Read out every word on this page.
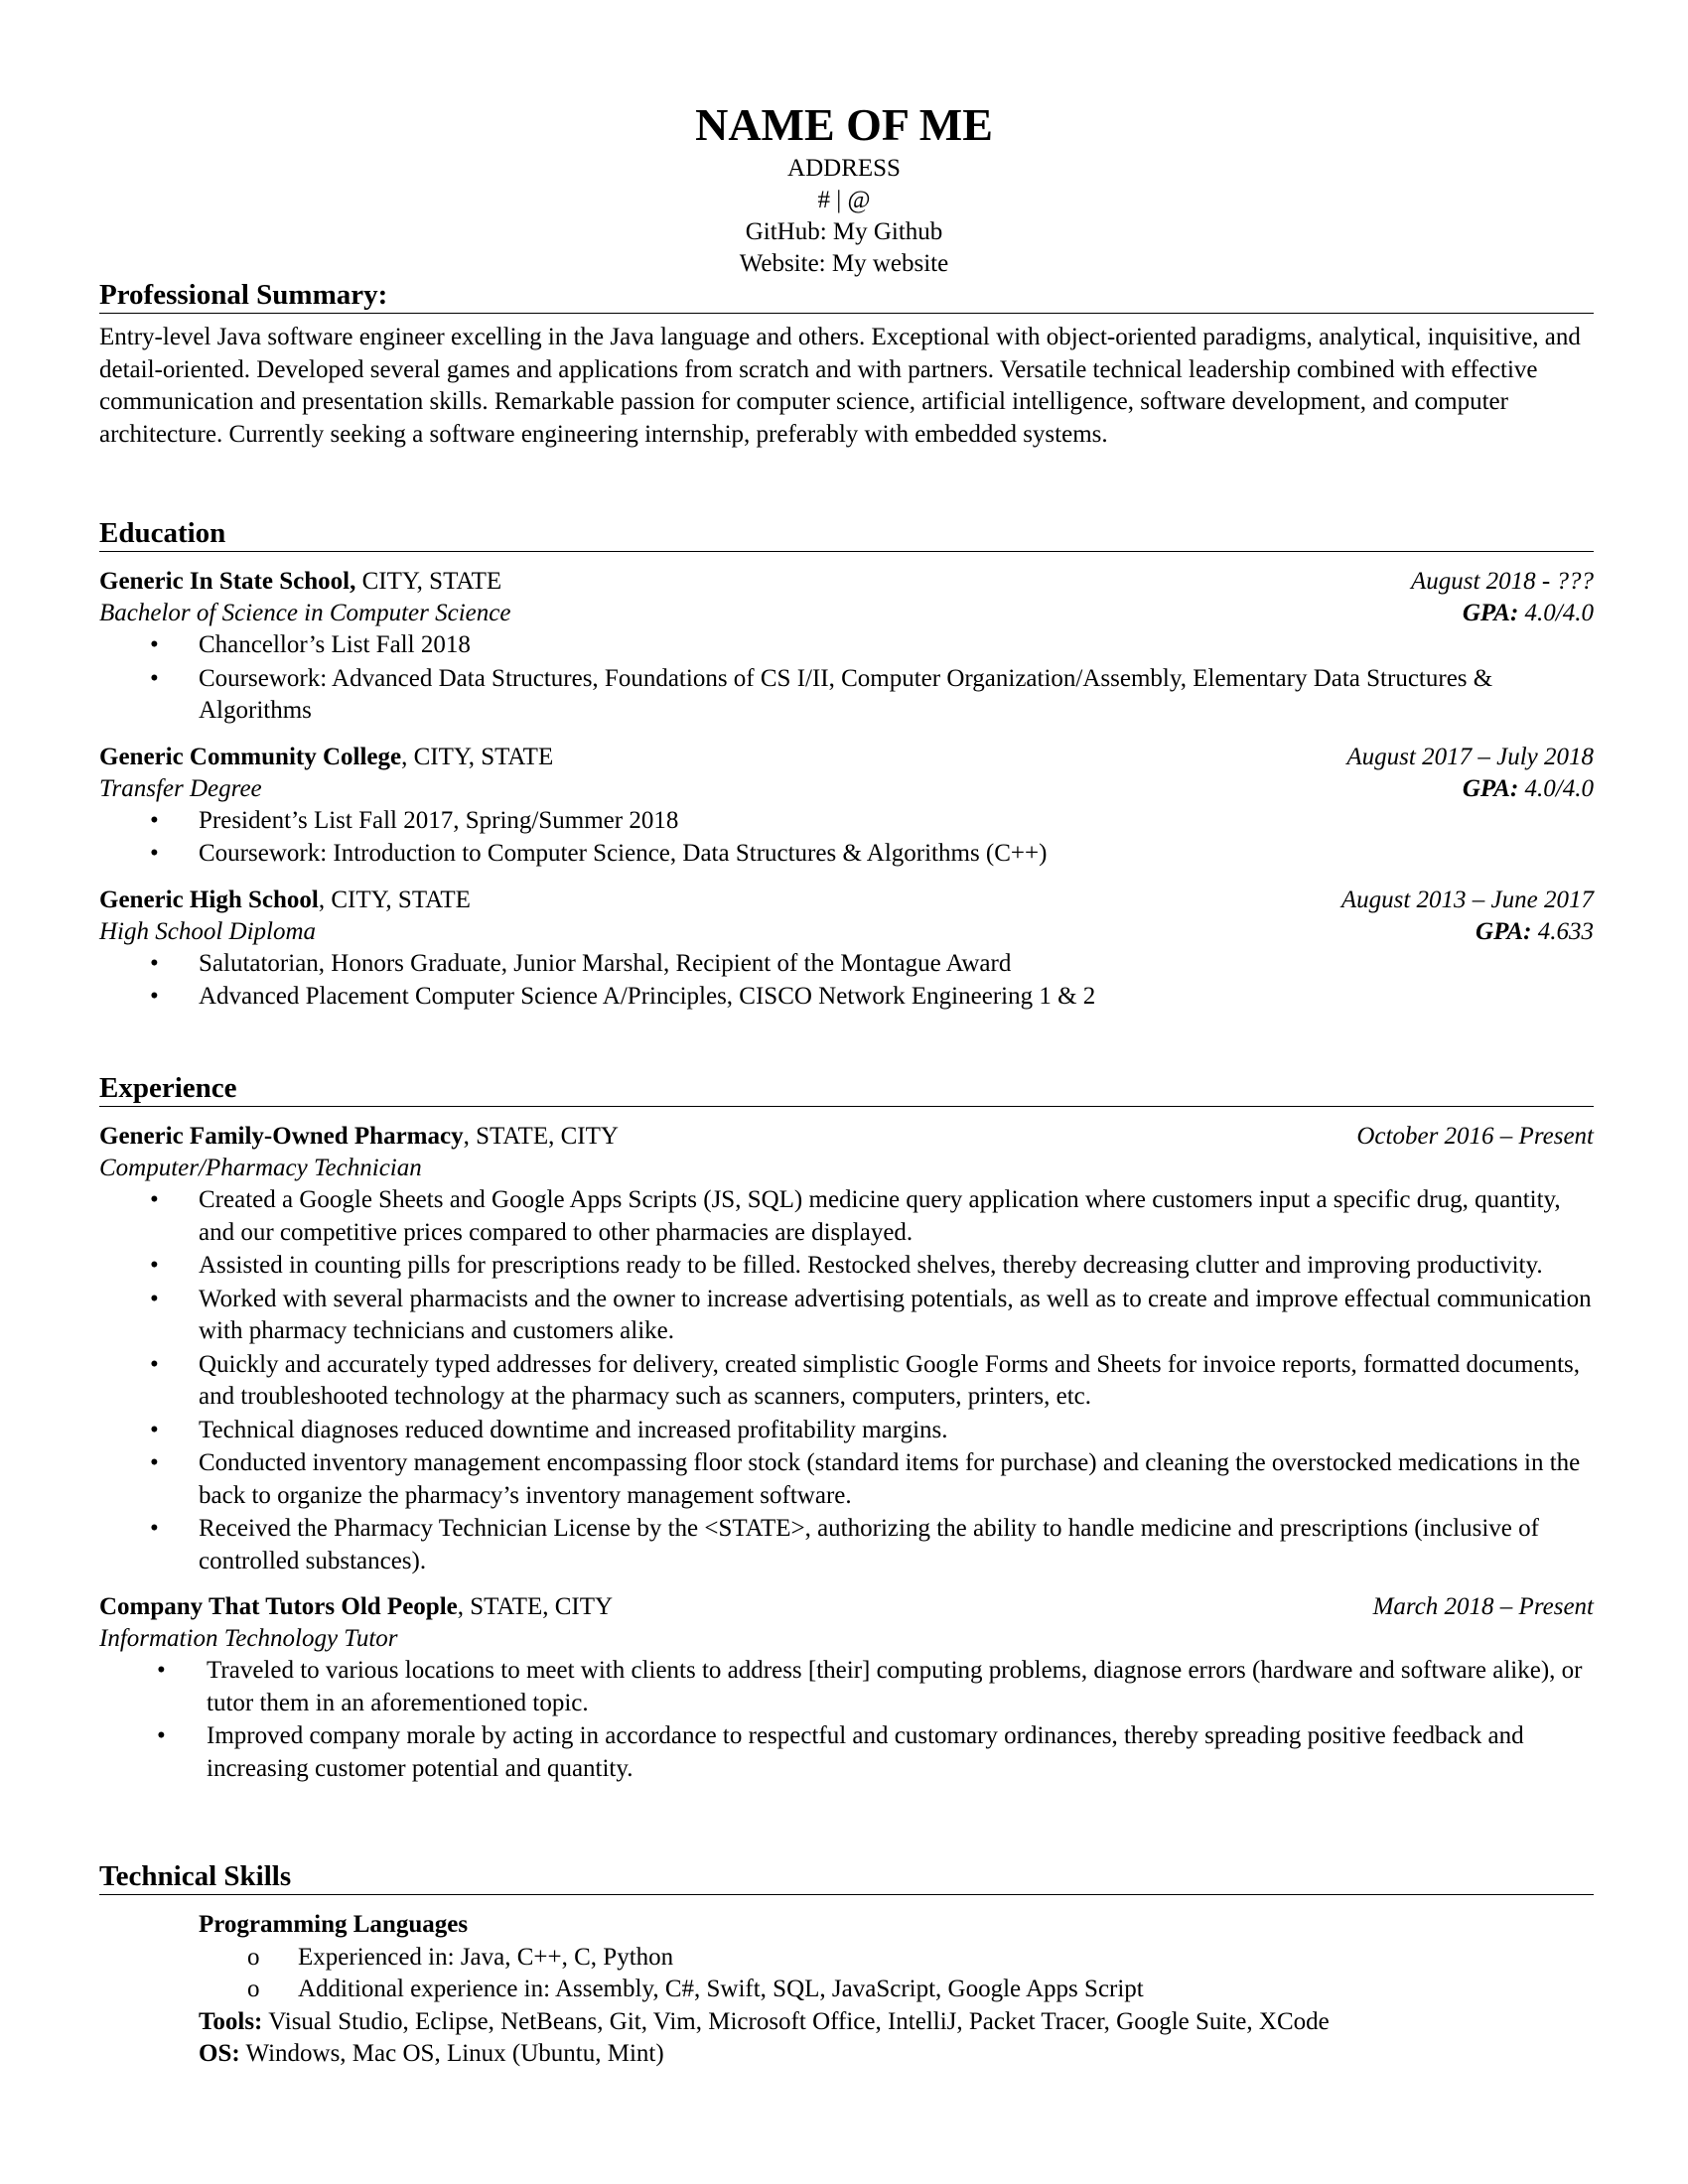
NAME OF ME
ADDRESS
# | @
GitHub: My Github
Website: My website
Professional Summary:
Entry-level Java software engineer excelling in the Java language and others. Exceptional with object-oriented paradigms, analytical, inquisitive, and detail-oriented. Developed several games and applications from scratch and with partners. Versatile technical leadership combined with effective communication and presentation skills. Remarkable passion for computer science, artificial intelligence, software development, and computer architecture. Currently seeking a software engineering internship, preferably with embedded systems.
Education
Generic In State School, CITY, STATE	August 2018 - ???
Bachelor of Science in Computer Science	GPA: 4.0/4.0
• Chancellor’s List Fall 2018
• Coursework: Advanced Data Structures, Foundations of CS I/II, Computer Organization/Assembly, Elementary Data Structures & Algorithms
Generic Community College, CITY, STATE	August 2017 – July 2018
Transfer Degree	GPA: 4.0/4.0
• President’s List Fall 2017, Spring/Summer 2018
• Coursework: Introduction to Computer Science, Data Structures & Algorithms (C++)
Generic High School, CITY, STATE	August 2013 – June 2017
High School Diploma	GPA: 4.633
• Salutatorian, Honors Graduate, Junior Marshal, Recipient of the Montague Award
• Advanced Placement Computer Science A/Principles, CISCO Network Engineering 1 & 2
Experience
Generic Family-Owned Pharmacy, STATE, CITY	October 2016 – Present
Computer/Pharmacy Technician
• Created a Google Sheets and Google Apps Scripts (JS, SQL) medicine query application where customers input a specific drug, quantity, and our competitive prices compared to other pharmacies are displayed.
• Assisted in counting pills for prescriptions ready to be filled. Restocked shelves, thereby decreasing clutter and improving productivity.
• Worked with several pharmacists and the owner to increase advertising potentials, as well as to create and improve effectual communication with pharmacy technicians and customers alike.
• Quickly and accurately typed addresses for delivery, created simplistic Google Forms and Sheets for invoice reports, formatted documents, and troubleshooted technology at the pharmacy such as scanners, computers, printers, etc.
• Technical diagnoses reduced downtime and increased profitability margins.
• Conducted inventory management encompassing floor stock (standard items for purchase) and cleaning the overstocked medications in the back to organize the pharmacy’s inventory management software.
• Received the Pharmacy Technician License by the <STATE>, authorizing the ability to handle medicine and prescriptions (inclusive of controlled substances).
Company That Tutors Old People, STATE, CITY	March 2018 – Present
Information Technology Tutor
• Traveled to various locations to meet with clients to address [their] computing problems, diagnose errors (hardware and software alike), or tutor them in an aforementioned topic.
• Improved company morale by acting in accordance to respectful and customary ordinances, thereby spreading positive feedback and increasing customer potential and quantity.
Technical Skills
Programming Languages
o Experienced in: Java, C++, C, Python
o Additional experience in: Assembly, C#, Swift, SQL, JavaScript, Google Apps Script
Tools: Visual Studio, Eclipse, NetBeans, Git, Vim, Microsoft Office, IntelliJ, Packet Tracer, Google Suite, XCode
OS: Windows, Mac OS, Linux (Ubuntu, Mint)
